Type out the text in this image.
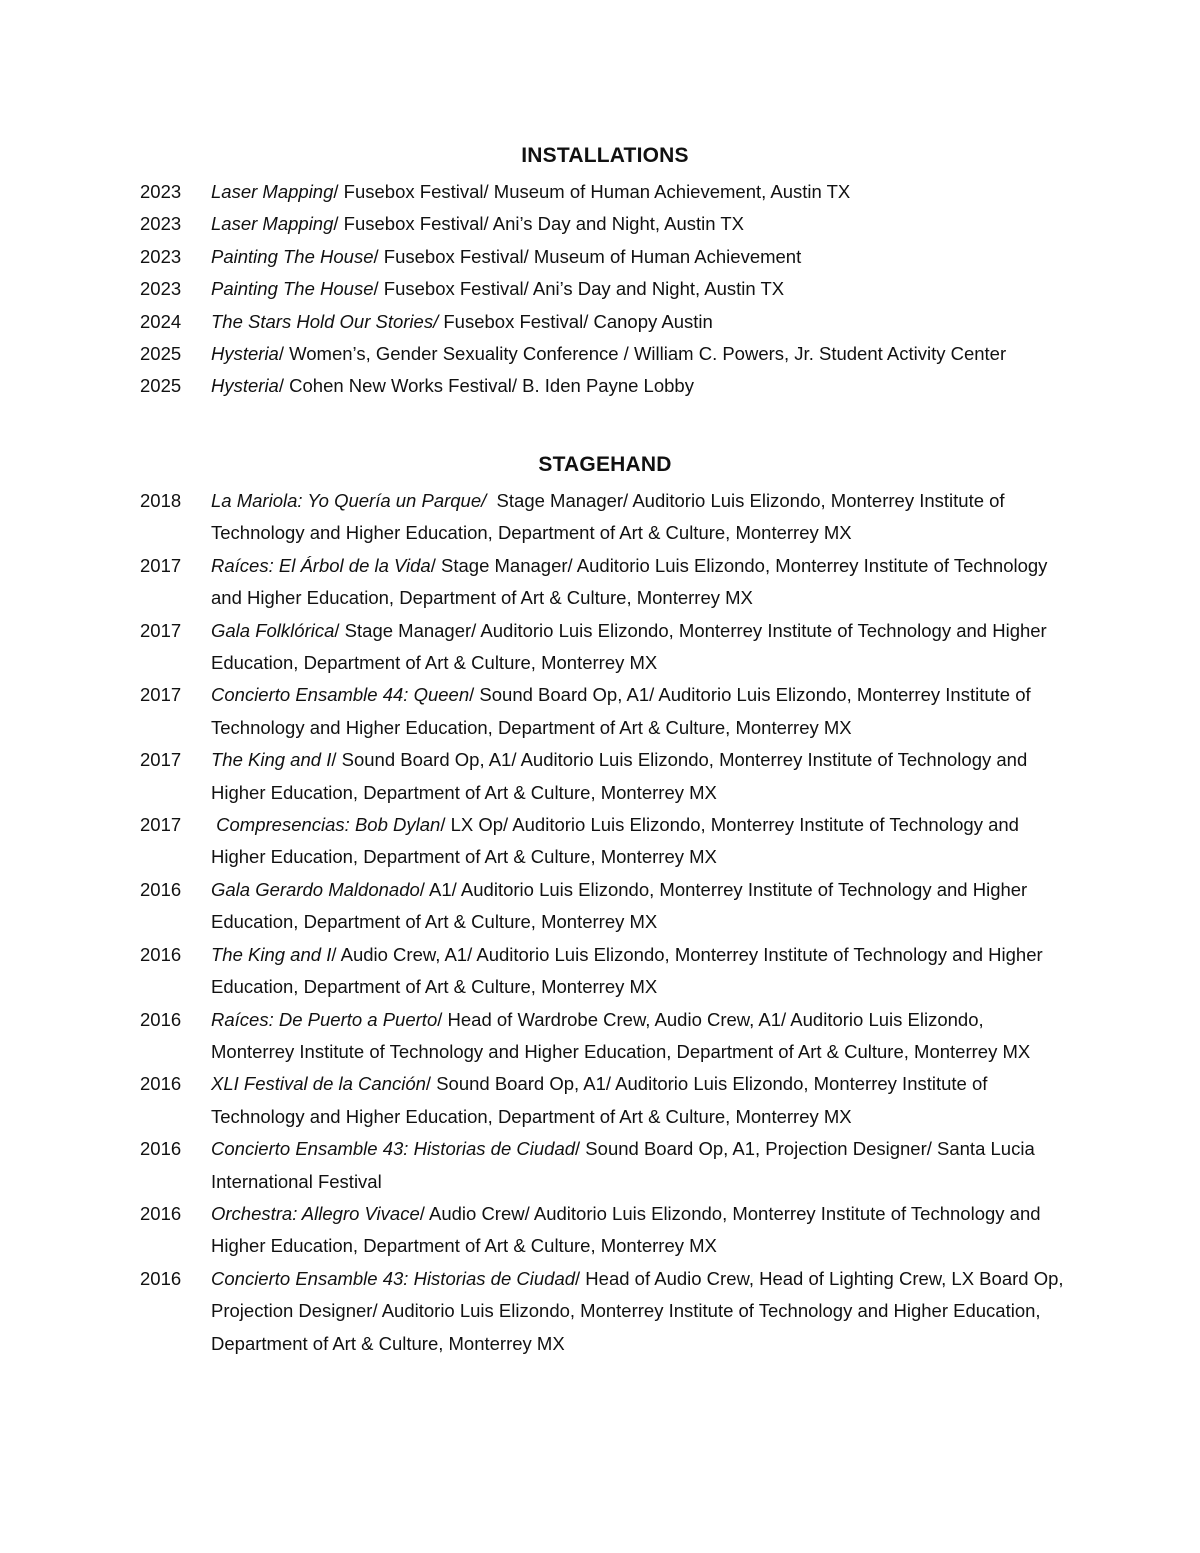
INSTALLATIONS
2023	Laser Mapping/ Fusebox Festival/ Museum of Human Achievement, Austin TX
2023	Laser Mapping/ Fusebox Festival/ Ani’s Day and Night, Austin TX
2023	Painting The House/ Fusebox Festival/ Museum of Human Achievement
2023	Painting The House/ Fusebox Festival/ Ani’s Day and Night, Austin TX
2024	The Stars Hold Our Stories/ Fusebox Festival/ Canopy Austin
2025	Hysteria/ Women’s, Gender Sexuality Conference / William C. Powers, Jr. Student Activity Center
2025	Hysteria/ Cohen New Works Festival/ B. Iden Payne Lobby
STAGEHAND
2018	La Mariola: Yo Quería un Parque/  Stage Manager/ Auditorio Luis Elizondo, Monterrey Institute of Technology and Higher Education, Department of Art & Culture, Monterrey MX
2017	Raíces: El Árbol de la Vida/ Stage Manager/ Auditorio Luis Elizondo, Monterrey Institute of Technology and Higher Education, Department of Art & Culture, Monterrey MX
2017	Gala Folklórica/ Stage Manager/ Auditorio Luis Elizondo, Monterrey Institute of Technology and Higher Education, Department of Art & Culture, Monterrey MX
2017	Concierto Ensamble 44: Queen/ Sound Board Op, A1/ Auditorio Luis Elizondo, Monterrey Institute of Technology and Higher Education, Department of Art & Culture, Monterrey MX
2017	The King and I/ Sound Board Op, A1/ Auditorio Luis Elizondo, Monterrey Institute of Technology and Higher Education, Department of Art & Culture, Monterrey MX
2017	Compresencias: Bob Dylan/ LX Op/ Auditorio Luis Elizondo, Monterrey Institute of Technology and Higher Education, Department of Art & Culture, Monterrey MX
2016	Gala Gerardo Maldonado/ A1/ Auditorio Luis Elizondo, Monterrey Institute of Technology and Higher Education, Department of Art & Culture, Monterrey MX
2016	The King and I/ Audio Crew, A1/ Auditorio Luis Elizondo, Monterrey Institute of Technology and Higher Education, Department of Art & Culture, Monterrey MX
2016	Raíces: De Puerto a Puerto/ Head of Wardrobe Crew, Audio Crew, A1/ Auditorio Luis Elizondo, Monterrey Institute of Technology and Higher Education, Department of Art & Culture, Monterrey MX
2016	XLI Festival de la Canción/ Sound Board Op, A1/ Auditorio Luis Elizondo, Monterrey Institute of Technology and Higher Education, Department of Art & Culture, Monterrey MX
2016	Concierto Ensamble 43: Historias de Ciudad/ Sound Board Op, A1, Projection Designer/ Santa Lucia International Festival
2016	Orchestra: Allegro Vivace/ Audio Crew/ Auditorio Luis Elizondo, Monterrey Institute of Technology and Higher Education, Department of Art & Culture, Monterrey MX
2016	Concierto Ensamble 43: Historias de Ciudad/ Head of Audio Crew, Head of Lighting Crew, LX Board Op, Projection Designer/ Auditorio Luis Elizondo, Monterrey Institute of Technology and Higher Education, Department of Art & Culture, Monterrey MX
